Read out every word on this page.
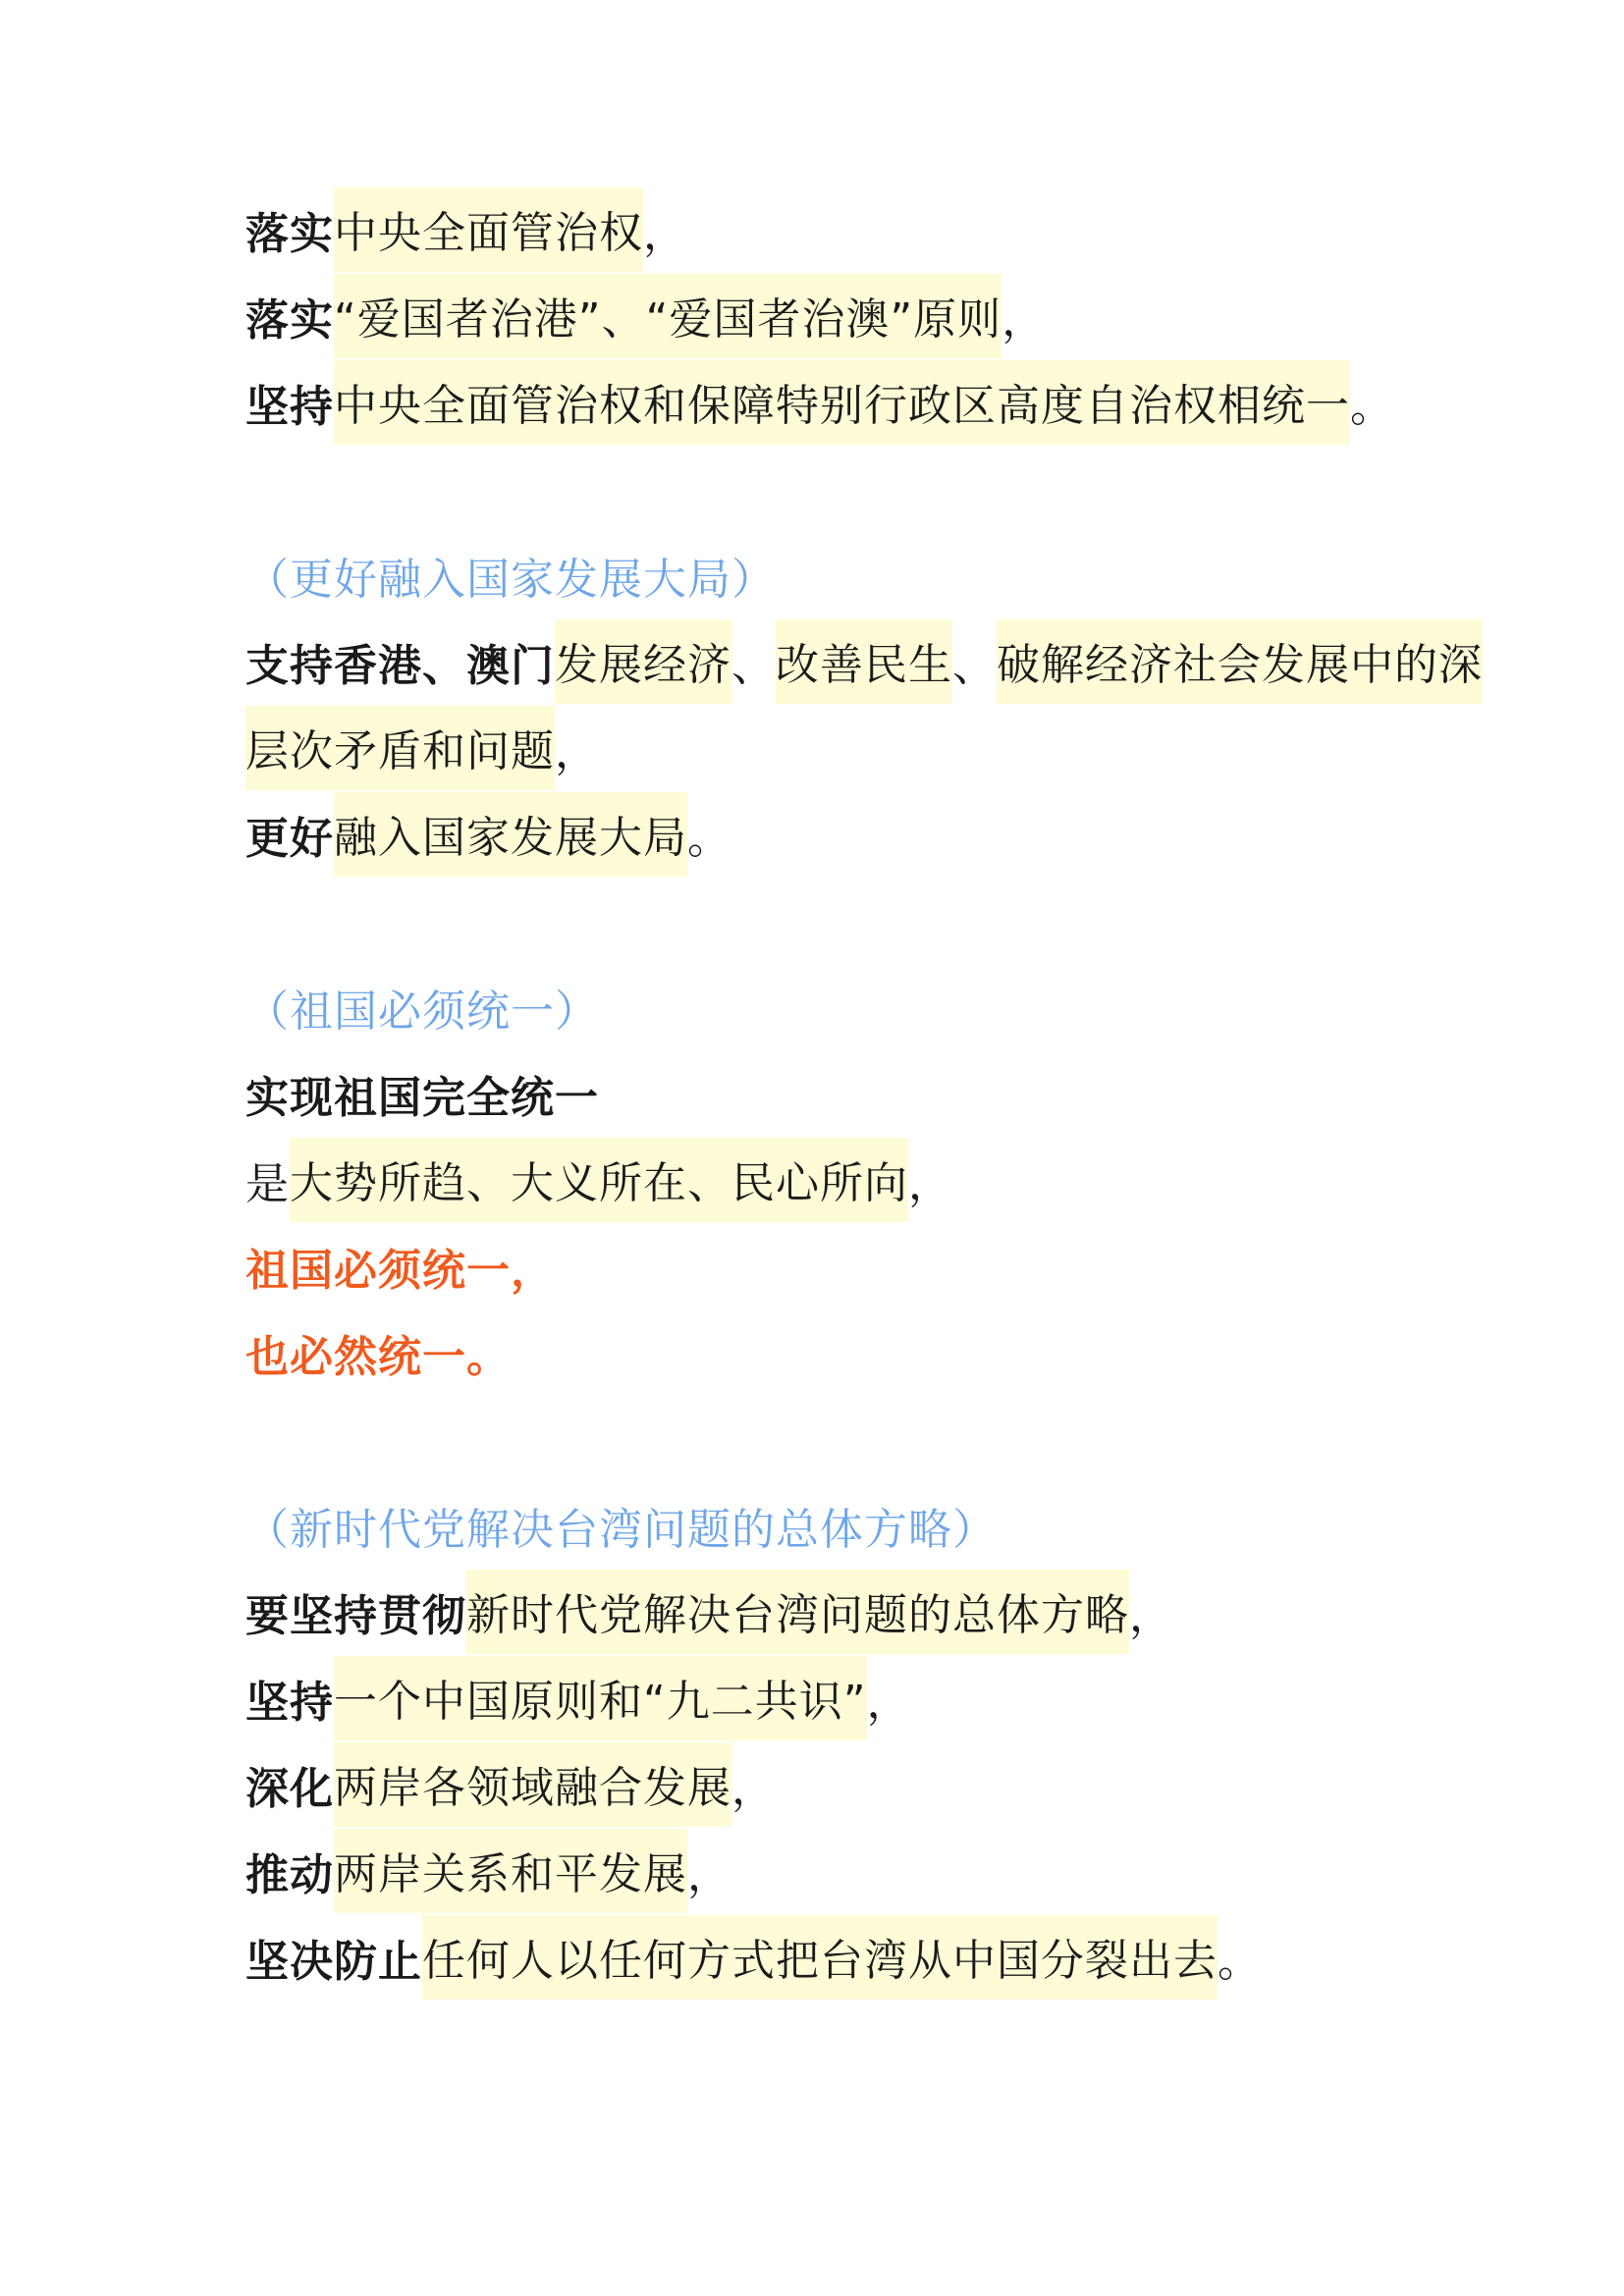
落实 中央全面管治权 ，
落实 “爱国者治港”、“爱国者治澳”原则 ，
坚持 中央全面管治权和保障特别行政区高度自治权相统一 。
（更好融入国家发展大局）
支持香港、澳门 发展经济 、 改善民生 、 破解经济社会发展中的深
层次矛盾和问题 ，
更好 融入国家发展大局 。
（祖国必须统一）
实现祖国完全统一
是 大势所趋、大义所在、民心所向 ，
祖国必须统一，
也必然统一。
（新时代党解决台湾问题的总体方略）
要坚持贯彻 新时代党解决台湾问题的总体方略 ，
坚持 一个中国原则和“九二共识” ，
深化 两岸各领域融合发展 ，
推动 两岸关系和平发展 ，
坚决防止 任何人以任何方式把台湾从中国分裂出去 。
